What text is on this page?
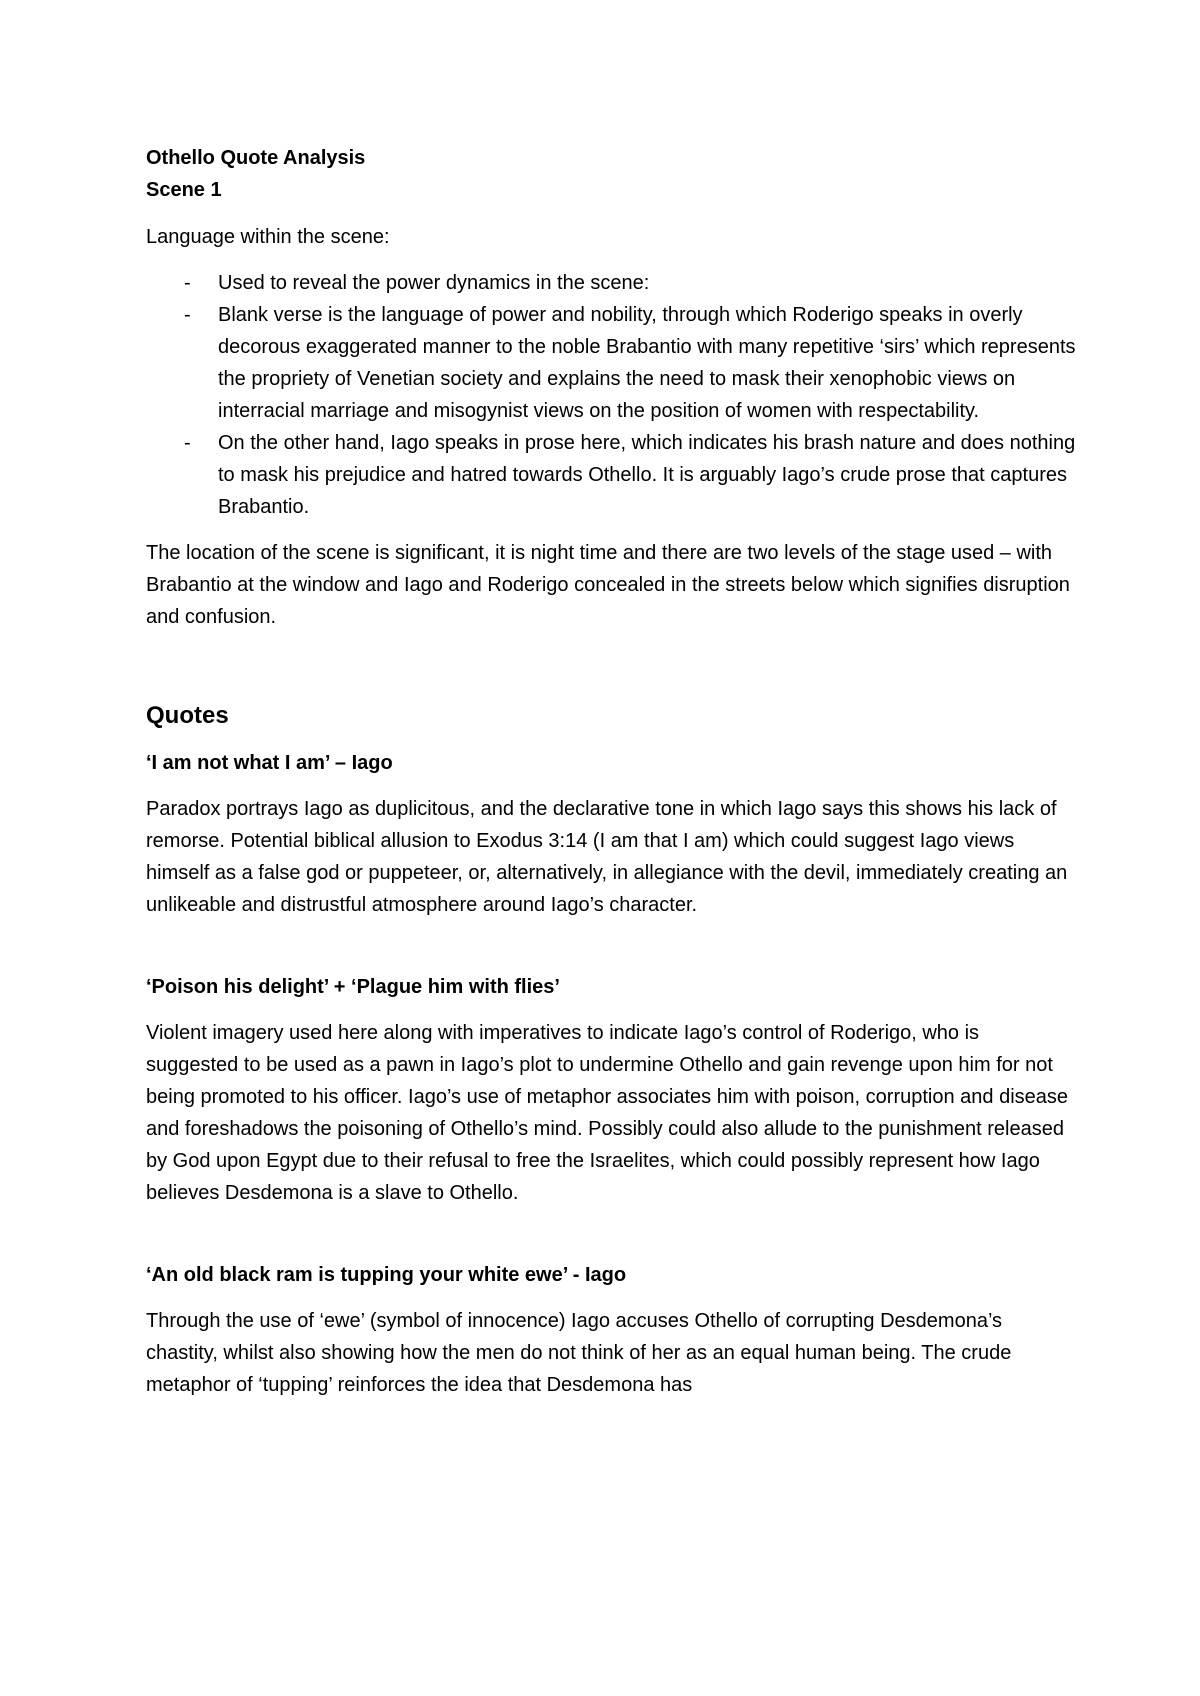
Othello Quote Analysis

Scene 1

Language within the scene:

- Used to reveal the power dynamics in the scene:
- Blank verse is the language of power and nobility, through which Roderigo speaks in overly decorous exaggerated manner to the noble Brabantio with many repetitive ‘sirs’ which represents the propriety of Venetian society and explains the need to mask their xenophobic views on interracial marriage and misogynist views on the position of women with respectability.
- On the other hand, Iago speaks in prose here, which indicates his brash nature and does nothing to mask his prejudice and hatred towards Othello. It is arguably Iago’s crude prose that captures Brabantio.

The location of the scene is significant, it is night time and there are two levels of the stage used – with Brabantio at the window and Iago and Roderigo concealed in the streets below which signifies disruption and confusion.

Quotes
‘I am not what I am’ – Iago

Paradox portrays Iago as duplicitous, and the declarative tone in which Iago says this shows his lack of remorse. Potential biblical allusion to Exodus 3:14 (I am that I am) which could suggest Iago views himself as a false god or puppeteer, or, alternatively, in allegiance with the devil, immediately creating an unlikeable and distrustful atmosphere around Iago’s character.

‘Poison his delight’ + ‘Plague him with flies’

Violent imagery used here along with imperatives to indicate Iago’s control of Roderigo, who is suggested to be used as a pawn in Iago’s plot to undermine Othello and gain revenge upon him for not being promoted to his officer. Iago’s use of metaphor associates him with poison, corruption and disease and foreshadows the poisoning of Othello’s mind. Possibly could also allude to the punishment released by God upon Egypt due to their refusal to free the Israelites, which could possibly represent how Iago believes Desdemona is a slave to Othello.

‘An old black ram is tupping your white ewe’ - Iago

Through the use of ‘ewe’ (symbol of innocence) Iago accuses Othello of corrupting Desdemona’s chastity, whilst also showing how the men do not think of her as an equal human being. The crude metaphor of ‘tupping’ reinforces the idea that Desdemona has
